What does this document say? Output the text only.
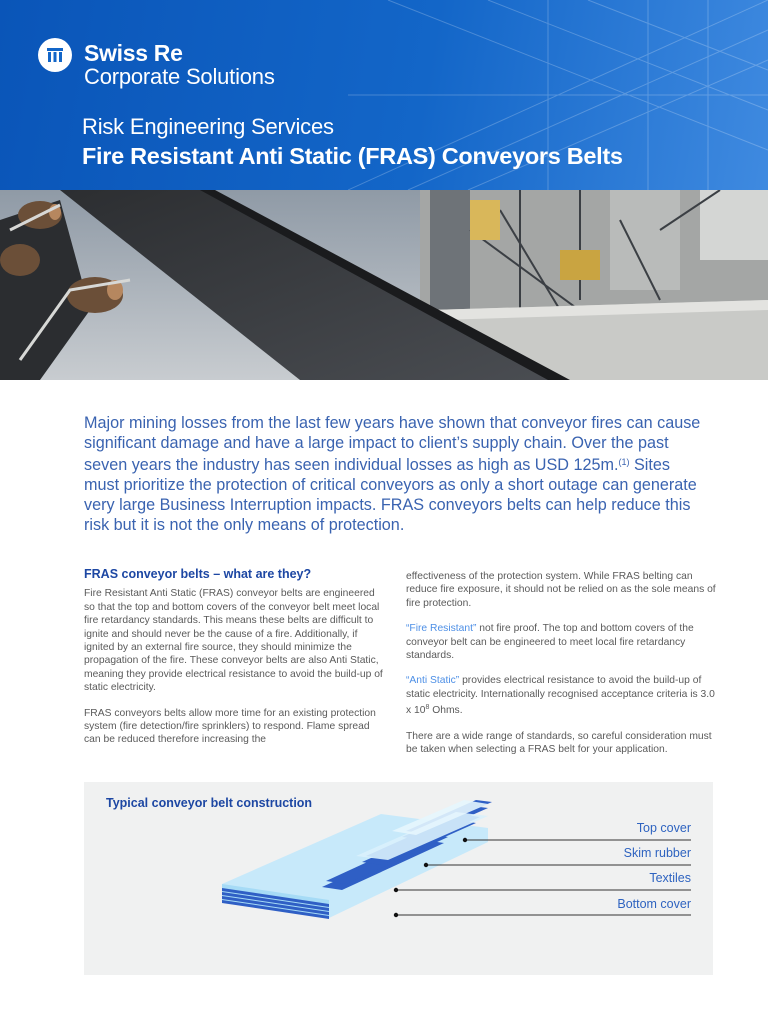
Swiss Re
Corporate Solutions
Risk Engineering Services
Fire Resistant Anti Static (FRAS) Conveyors Belts
Major mining losses from the last few years have shown that conveyor fires can cause significant damage and have a large impact to client’s supply chain. Over the past seven years the industry has seen individual losses as high as USD 125m.$^{(1)}$ Sites must prioritize the protection of critical conveyors as only a short outage can generate very large Business Interruption impacts. FRAS conveyors belts can help reduce this risk but it is not the only means of protection.
FRAS conveyor belts – what are they?

Fire Resistant Anti Static (FRAS) conveyor belts are engineered so that the top and bottom covers of the conveyor belt meet local fire retardancy standards. This means these belts are difficult to ignite and should never be the cause of a fire. Additionally, if ignited by an external fire source, they should minimize the propagation of the fire. These conveyor belts are also Anti Static, meaning they provide electrical resistance to avoid the build-up of static electricity.

FRAS conveyors belts allow more time for an existing protection system (fire detection/fire sprinklers) to respond. Flame spread can be reduced therefore increasing the

effectiveness of the protection system. While FRAS belting can reduce fire exposure, it should not be relied on as the sole means of fire protection.

“Fire Resistant” not fire proof. The top and bottom covers of the conveyor belt can be engineered to meet local fire retardancy standards.

“Anti Static” provides electrical resistance to avoid the build-up of static electricity. Internationally recognised acceptance criteria is 3.0 x $10^8$ Ohms.

There are a wide range of standards, so careful consideration must be taken when selecting a FRAS belt for your application.

Typical conveyor belt construction
Top cover
Skim rubber
Textiles
Bottom cover
